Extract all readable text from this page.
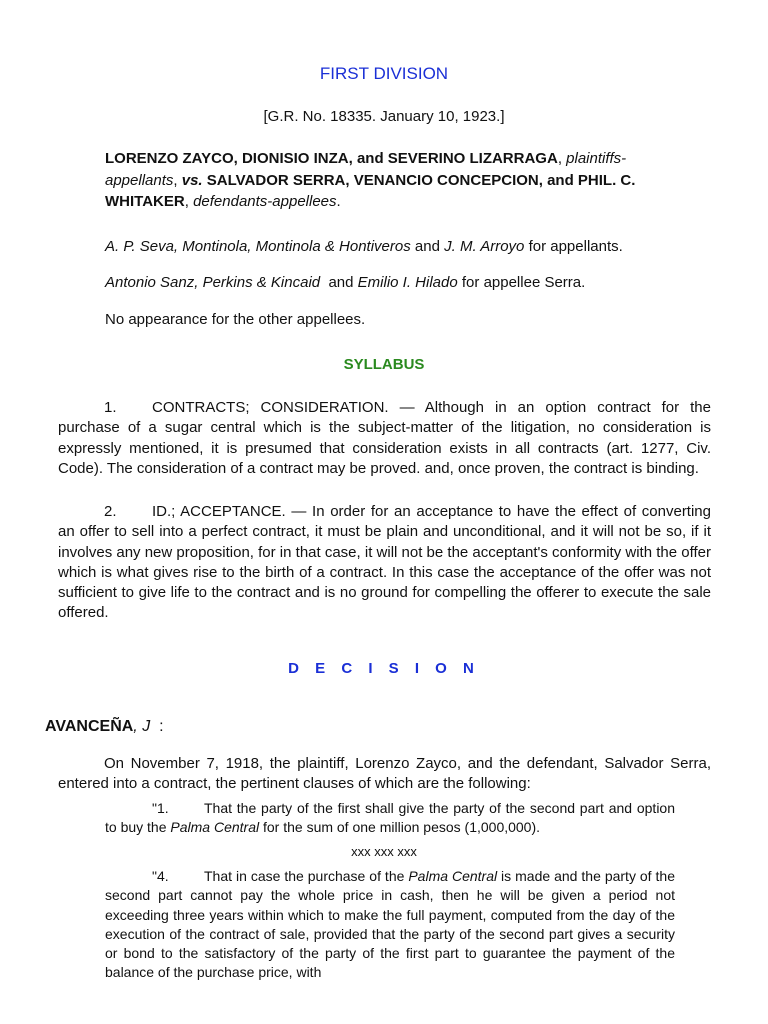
FIRST DIVISION

[G.R. No. 18335. January 10, 1923.]

LORENZO ZAYCO, DIONISIO INZA, and SEVERINO LIZARRAGA, plaintiffs-appellants, vs. SALVADOR SERRA, VENANCIO CONCEPCION, and PHIL. C. WHITAKER, defendants-appellees.

A. P. Seva, Montinola, Montinola & Hontiveros and J. M. Arroyo for appellants.

Antonio Sanz, Perkins & Kincaid and Emilio I. Hilado for appellee Serra.

No appearance for the other appellees.

SYLLABUS

1. CONTRACTS; CONSIDERATION. — Although in an option contract for the purchase of a sugar central which is the subject-matter of the litigation, no consideration is expressly mentioned, it is presumed that consideration exists in all contracts (art. 1277, Civ. Code). The consideration of a contract may be proved. and, once proven, the contract is binding.

2. ID.; ACCEPTANCE. — In order for an acceptance to have the effect of converting an offer to sell into a perfect contract, it must be plain and unconditional, and it will not be so, if it involves any new proposition, for in that case, it will not be the acceptant's conformity with the offer which is what gives rise to the birth of a contract. In this case the acceptance of the offer was not sufficient to give life to the contract and is no ground for compelling the offerer to execute the sale offered.

D E C I S I O N

AVANCEÑA, J :

On November 7, 1918, the plaintiff, Lorenzo Zayco, and the defendant, Salvador Serra, entered into a contract, the pertinent clauses of which are the following:

"1.	That the party of the first shall give the party of the second part and option to buy the Palma Central for the sum of one million pesos (1,000,000).

xxx xxx xxx

"4.	That in case the purchase of the Palma Central is made and the party of the second part cannot pay the whole price in cash, then he will be given a period not exceeding three years within which to make the full payment, computed from the day of the execution of the contract of sale, provided that the party of the second part gives a security or bond to the satisfactory of the party of the first part to guarantee the payment of the balance of the purchase price, with
